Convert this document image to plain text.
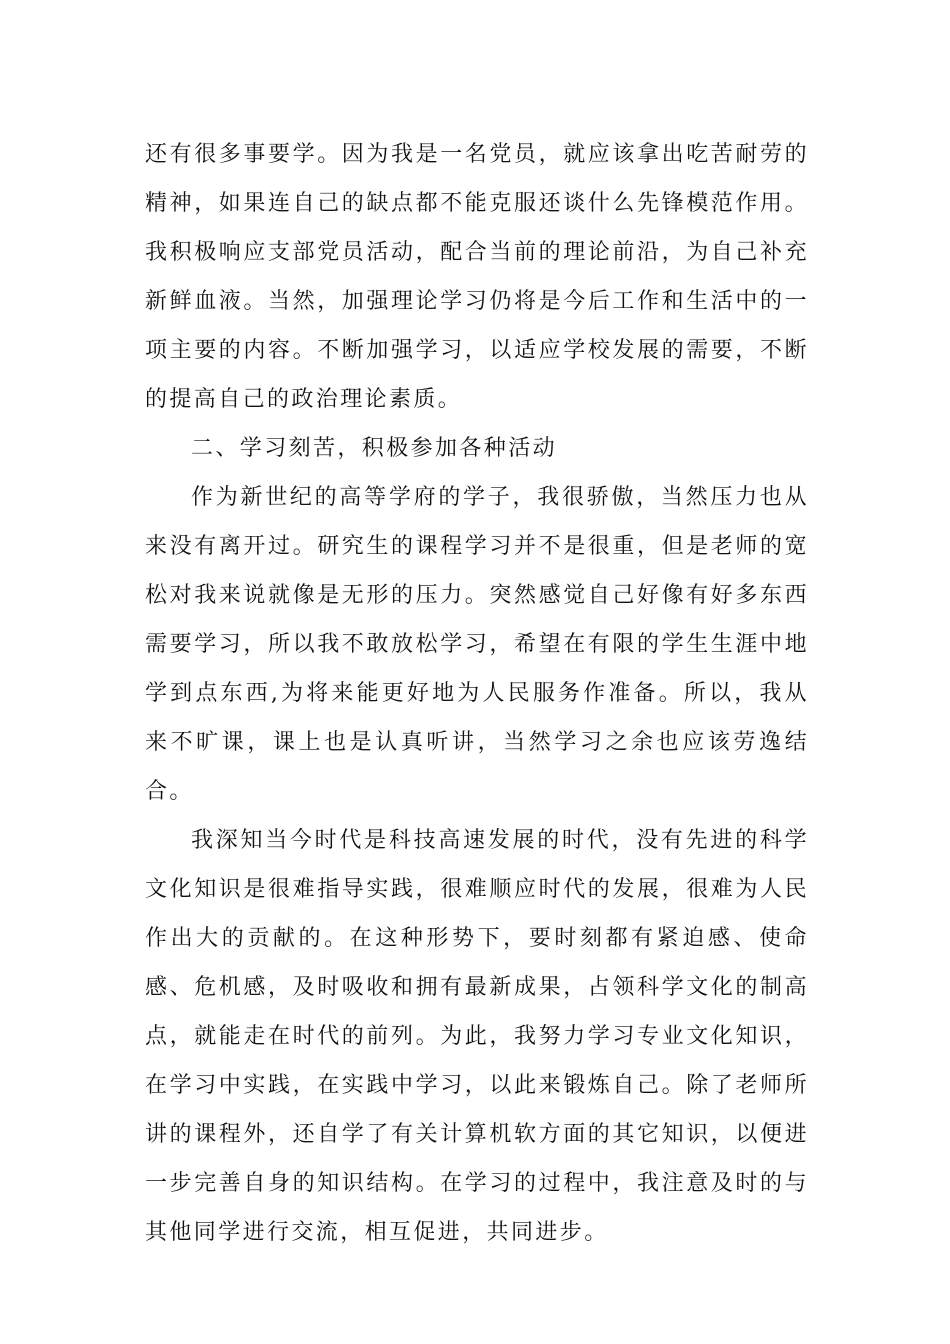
还有很多事要学。因为我是一名党员，就应该拿出吃苦耐劳的精神，如果连自己的缺点都不能克服还谈什么先锋模范作用。我积极响应支部党员活动，配合当前的理论前沿，为自己补充新鲜血液。当然，加强理论学习仍将是今后工作和生活中的一项主要的内容。不断加强学习，以适应学校发展的需要，不断的提高自己的政治理论素质。

二、学习刻苦，积极参加各种活动

作为新世纪的高等学府的学子，我很骄傲，当然压力也从来没有离开过。研究生的课程学习并不是很重，但是老师的宽松对我来说就像是无形的压力。突然感觉自己好像有好多东西需要学习，所以我不敢放松学习，希望在有限的学生生涯中地学到点东西,为将来能更好地为人民服务作准备。所以，我从来不旷课，课上也是认真听讲，当然学习之余也应该劳逸结合。

我深知当今时代是科技高速发展的时代，没有先进的科学文化知识是很难指导实践，很难顺应时代的发展，很难为人民作出大的贡献的。在这种形势下，要时刻都有紧迫感、使命感、危机感，及时吸收和拥有最新成果，占领科学文化的制高点，就能走在时代的前列。为此，我努力学习专业文化知识，在学习中实践，在实践中学习，以此来锻炼自己。除了老师所讲的课程外，还自学了有关计算机软方面的其它知识，以便进一步完善自身的知识结构。在学习的过程中，我注意及时的与其他同学进行交流，相互促进，共同进步。
